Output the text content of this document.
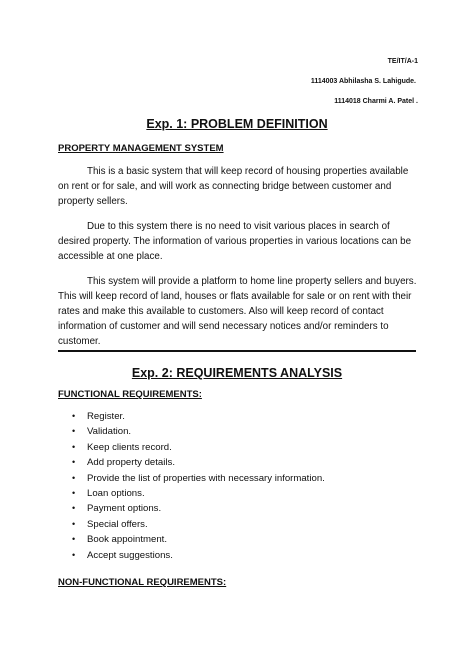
TE/IT/A-1
1114003 Abhilasha S. Lahigude.
1114018 Charmi A. Patel .
Exp. 1: PROBLEM DEFINITION
PROPERTY MANAGEMENT SYSTEM
This is a basic system that will keep record of housing properties available on rent or for sale, and will work as connecting bridge between customer and property sellers.
Due to this system there is no need to visit various places in search of desired property. The information of various properties in various locations can be accessible at one place.
This system will provide a platform to home line property sellers and buyers. This will keep record of land, houses or flats available for sale or on rent with their rates and make this available to customers. Also will keep record of contact information of customer and will send necessary notices and/or reminders to customer.
Exp. 2: REQUIREMENTS ANALYSIS
FUNCTIONAL REQUIREMENTS:
• Register.
• Validation.
• Keep clients record.
• Add property details.
• Provide the list of properties with necessary information.
• Loan options.
• Payment options.
• Special offers.
• Book appointment.
• Accept suggestions.
NON-FUNCTIONAL REQUIREMENTS:
